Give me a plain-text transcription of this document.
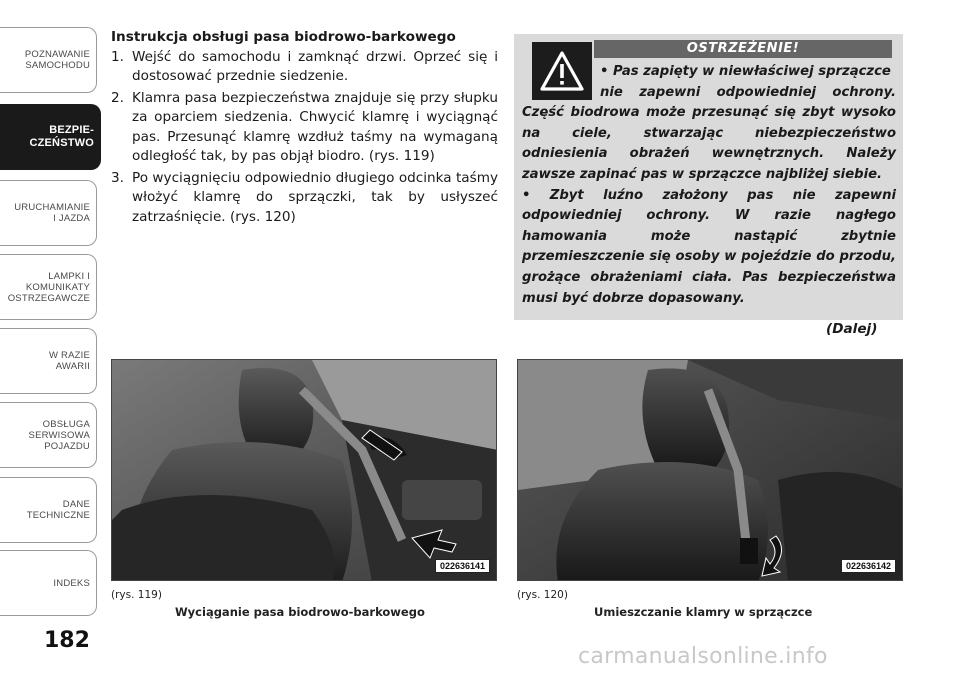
POZNAWANIE
SAMOCHODU
BEZPIE-
CZEŃSTWO
URUCHAMIANIE
I JAZDA
LAMPKI I
KOMUNIKATY
OSTRZEGAWCZE
W RAZIE
AWARII
OBSŁUGA
SERWISOWA
POJAZDU
DANE
TECHNICZNE
INDEKS
182
Instrukcja obsługi pasa biodrowo-barkowego
1. Wejść do samochodu i zamknąć drzwi. Oprzeć się i dostosować przednie siedzenie.
2. Klamra pasa bezpieczeństwa znajduje się przy słupku za oparciem siedzenia. Chwycić klamrę i wyciągnąć pas. Przesunąć klamrę wzdłuż taśmy na wymaganą odległość tak, by pas objął biodro. (rys. 119)
3. Po wyciągnięciu odpowiednio długiego odcinka taśmy włożyć klamrę do sprzączki, tak by usłyszeć zatrzaśnięcie. (rys. 120)
OSTRZEŻENIE!

• Pas zapięty w niewłaściwej sprzączce

nie zapewni odpowiedniej ochrony. Część biodrowa może przesunąć się zbyt wysoko na ciele, stwarzając niebezpieczeństwo odniesienia obrażeń wewnętrznych. Należy zawsze zapinać pas w sprzączce najbliżej siebie.

• Zbyt luźno założony pas nie zapewni odpowiedniej ochrony. W razie nagłego hamowania może nastąpić zbytnie przemieszczenie się osoby w pojeździe do przodu, grożące obrażeniami ciała. Pas bezpieczeństwa musi być dobrze dopasowany.

(Dalej)
022636141
(rys. 119)
Wyciąganie pasa biodrowo-barkowego
022636142
(rys. 120)
Umieszczanie klamry w sprzączce
carmanualsonline.info
